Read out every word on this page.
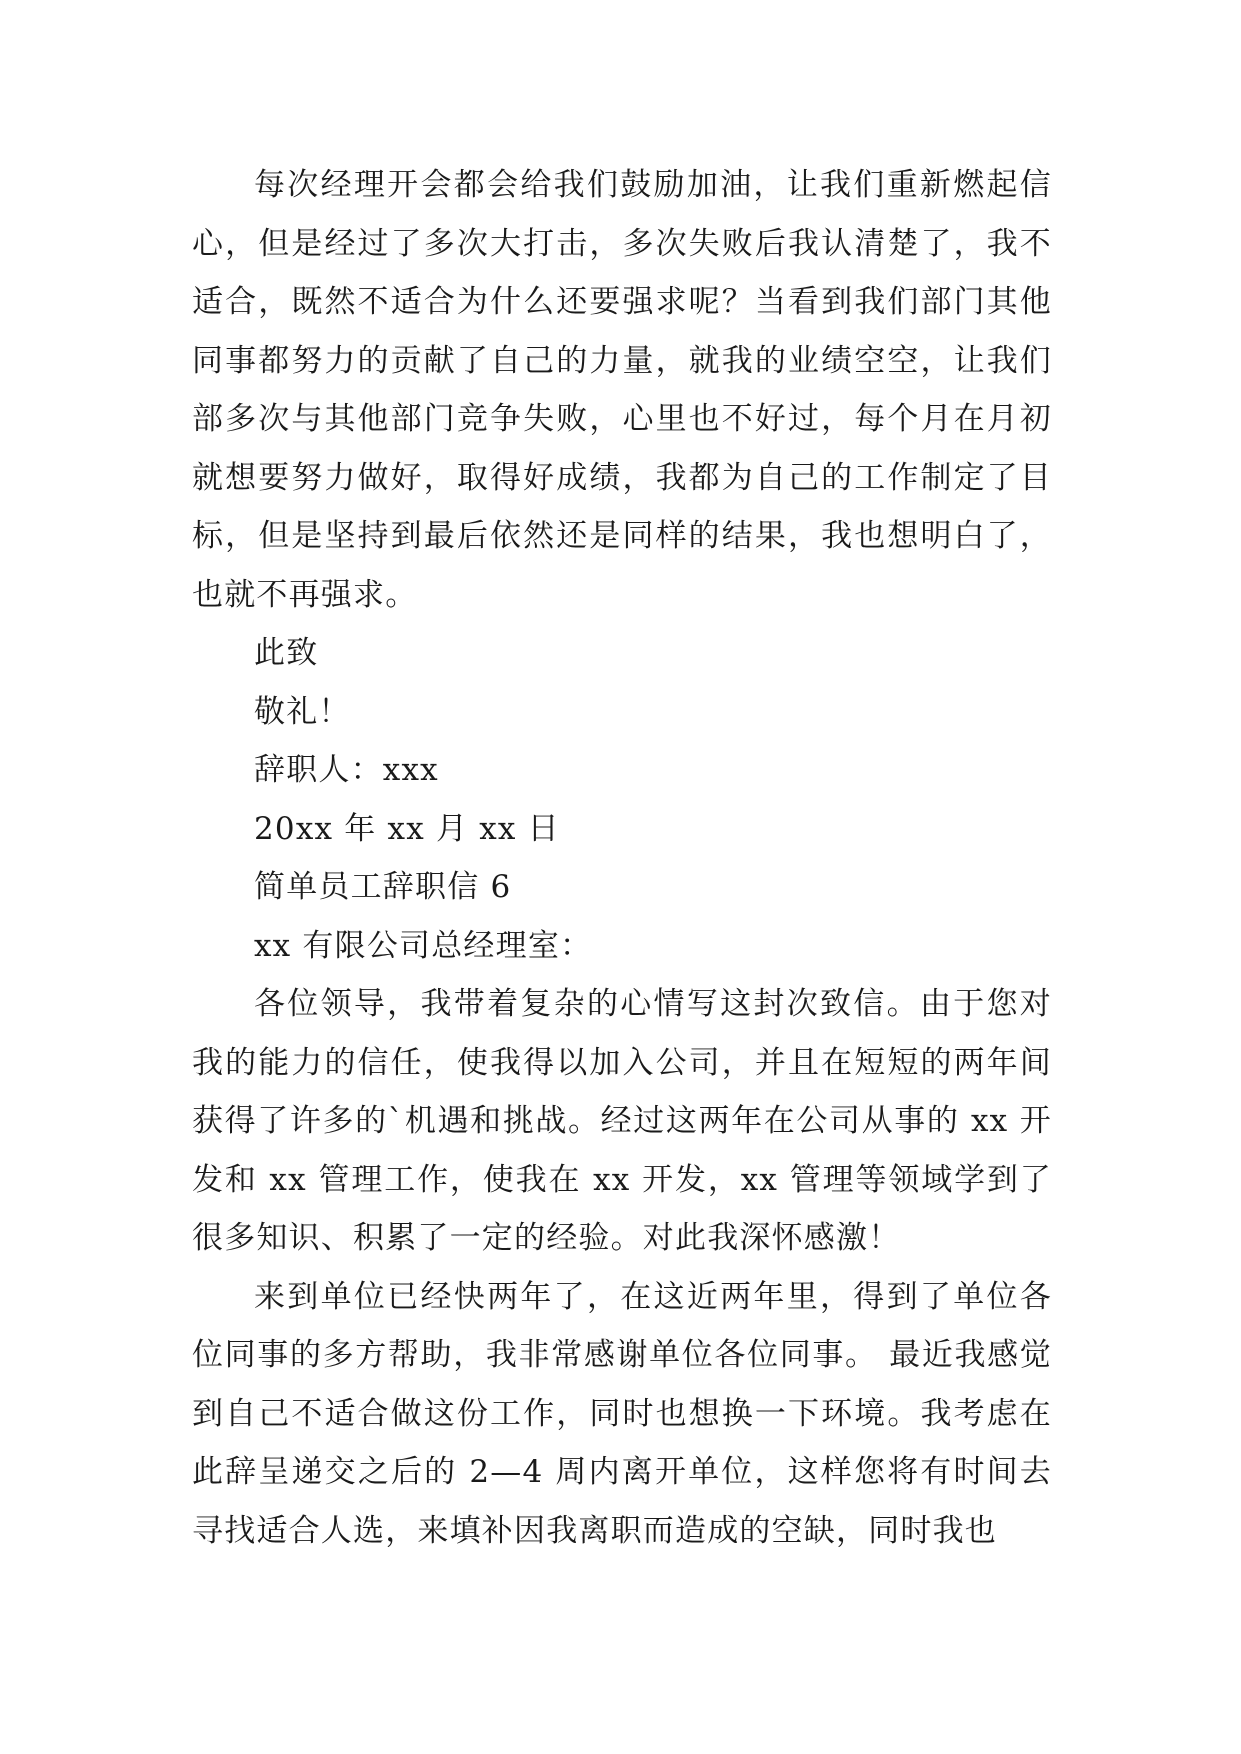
每次经理开会都会给我们鼓励加油，让我们重新燃起信心，但是经过了多次大打击，多次失败后我认清楚了，我不适合，既然不适合为什么还要强求呢？当看到我们部门其他同事都努力的贡献了自己的力量，就我的业绩空空，让我们部多次与其他部门竞争失败，心里也不好过，每个月在月初就想要努力做好，取得好成绩，我都为自己的工作制定了目标，但是坚持到最后依然还是同样的结果，我也想明白了，也就不再强求。

此致

敬礼！

辞职人：xxx

20xx 年 xx 月 xx 日

简单员工辞职信 6

xx 有限公司总经理室：

各位领导，我带着复杂的心情写这封次致信。由于您对我的能力的信任，使我得以加入公司，并且在短短的两年间获得了许多的`机遇和挑战。经过这两年在公司从事的 xx 开发和 xx 管理工作，使我在 xx 开发，xx 管理等领域学到了很多知识、积累了一定的经验。对此我深怀感激！

来到单位已经快两年了，在这近两年里，得到了单位各位同事的多方帮助，我非常感谢单位各位同事。 最近我感觉到自己不适合做这份工作，同时也想换一下环境。我考虑在此辞呈递交之后的 2—4 周内离开单位，这样您将有时间去寻找适合人选，来填补因我离职而造成的空缺，同时我也
